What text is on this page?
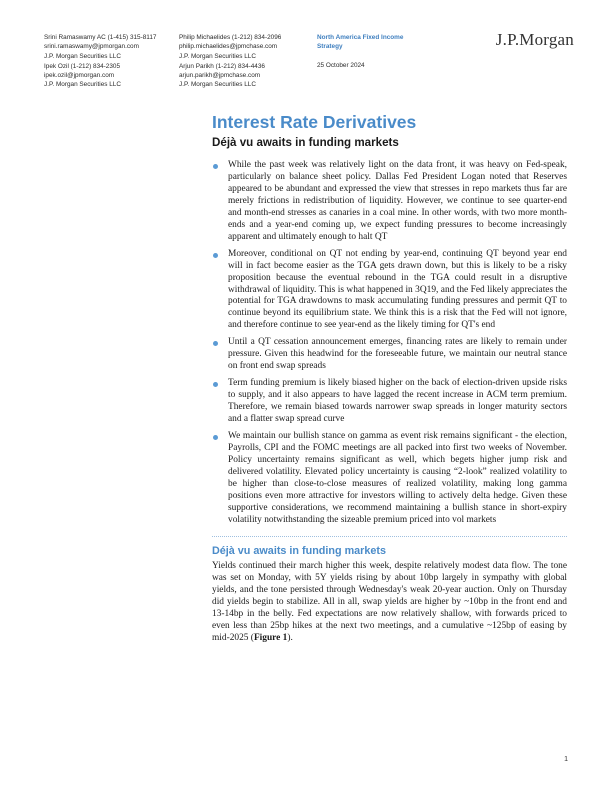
Srini Ramaswamy AC (1-415) 315-8117
srini.ramaswamy@jpmorgan.com
J.P. Morgan Securities LLC
Ipek Ozil (1-212) 834-2305
ipek.ozil@jpmorgan.com
J.P. Morgan Securities LLC
Philip Michaelides (1-212) 834-2096
philip.michaelides@jpmchase.com
J.P. Morgan Securities LLC
Arjun Parikh (1-212) 834-4436
arjun.parikh@jpmchase.com
J.P. Morgan Securities LLC
North America Fixed Income
Strategy
25 October 2024
J.P.Morgan
Interest Rate Derivatives
Déjà vu awaits in funding markets
While the past week was relatively light on the data front, it was heavy on Fed-speak, particularly on balance sheet policy. Dallas Fed President Logan noted that Reserves appeared to be abundant and expressed the view that stresses in repo markets thus far are merely frictions in redistribution of liquidity. However, we continue to see quarter-end and month-end stresses as canaries in a coal mine. In other words, with two more month-ends and a year-end coming up, we expect funding pressures to become increasingly apparent and ultimately enough to halt QT
Moreover, conditional on QT not ending by year-end, continuing QT beyond year end will in fact become easier as the TGA gets drawn down, but this is likely to be a risky proposition because the eventual rebound in the TGA could result in a disruptive withdrawal of liquidity. This is what happened in 3Q19, and the Fed likely appreciates the potential for TGA drawdowns to mask accumulating funding pressures and permit QT to continue beyond its equilibrium state. We think this is a risk that the Fed will not ignore, and therefore continue to see year-end as the likely timing for QT's end
Until a QT cessation announcement emerges, financing rates are likely to remain under pressure. Given this headwind for the foreseeable future, we maintain our neutral stance on front end swap spreads
Term funding premium is likely biased higher on the back of election-driven upside risks to supply, and it also appears to have lagged the recent increase in ACM term premium. Therefore, we remain biased towards narrower swap spreads in longer maturity sectors and a flatter swap spread curve
We maintain our bullish stance on gamma as event risk remains significant - the election, Payrolls, CPI and the FOMC meetings are all packed into first two weeks of November. Policy uncertainty remains significant as well, which begets higher jump risk and delivered volatility. Elevated policy uncertainty is causing “2-look” realized volatility to be higher than close-to-close measures of realized volatility, making long gamma positions even more attractive for investors willing to actively delta hedge. Given these supportive considerations, we recommend maintaining a bullish stance in short-expiry volatility notwithstanding the sizeable premium priced into vol markets
Déjà vu awaits in funding markets

Yields continued their march higher this week, despite relatively modest data flow. The tone was set on Monday, with 5Y yields rising by about 10bp largely in sympathy with global yields, and the tone persisted through Wednesday's weak 20-year auction. Only on Thursday did yields begin to stabilize. All in all, swap yields are higher by ~10bp in the front end and 13-14bp in the belly. Fed expectations are now relatively shallow, with forwards priced to even less than 25bp hikes at the next two meetings, and a cumulative ~125bp of easing by mid-2025 (Figure 1).

1
